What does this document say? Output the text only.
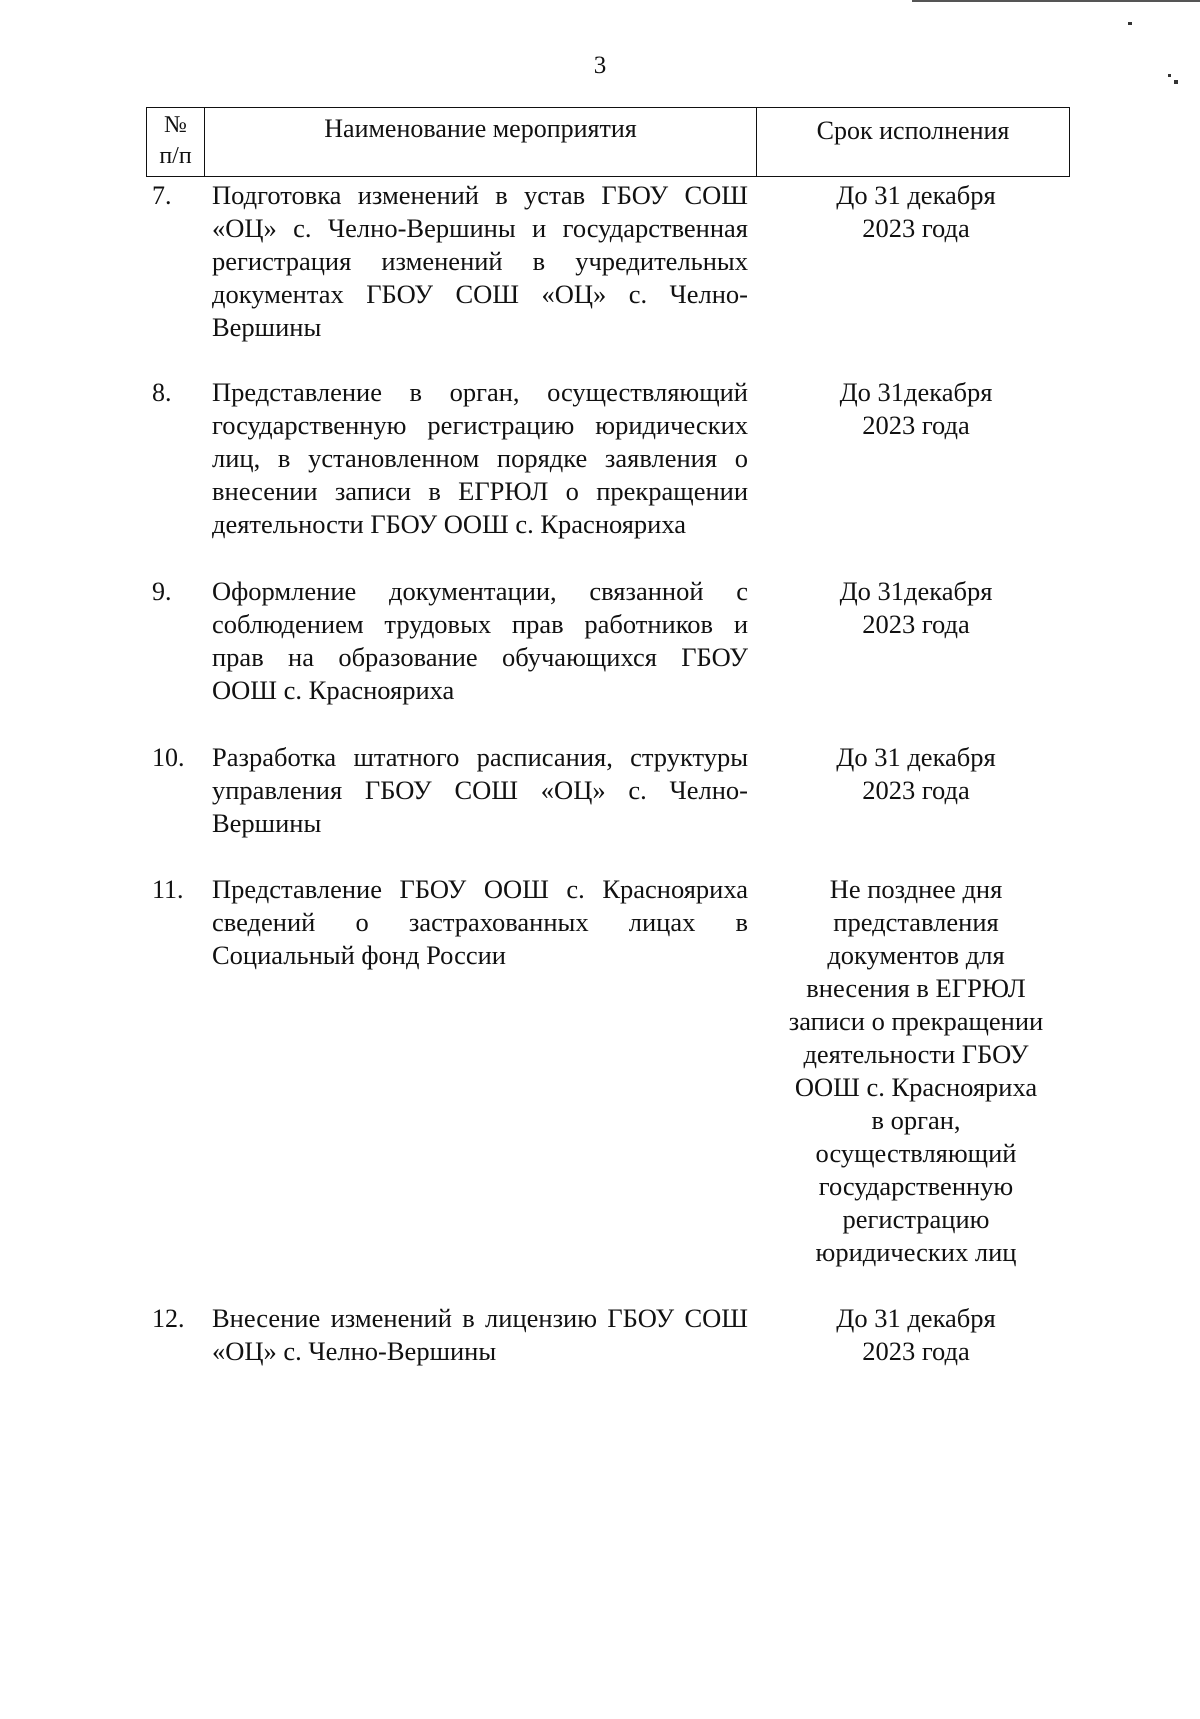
3
№
п/п
Наименование мероприятия	Срок исполнения
7. Подготовка изменений в устав ГБОУ СОШ «ОЦ» с. Челно-Вершины и государственная регистрация изменений в учредительных документах ГБОУ СОШ «ОЦ» с. Челно-Вершины
До 31 декабря 2023 года
8. Представление в орган, осуществляющий государственную регистрацию юридических лиц, в установленном порядке заявления о внесении записи в ЕГРЮЛ о прекращении деятельности ГБОУ ООШ с. Краснояриха
До 31декабря 2023 года
9. Оформление документации, связанной с соблюдением трудовых прав работников и прав на образование обучающихся ГБОУ ООШ с. Краснояриха
До 31декабря 2023 года
10. Разработка штатного расписания, структуры управления ГБОУ СОШ «ОЦ» с. Челно-Вершины
До 31 декабря 2023 года
11. Представление ГБОУ ООШ с. Краснояриха сведений о застрахованных лицах в Социальный фонд России
Не позднее дня представления документов для внесения в ЕГРЮЛ записи о прекращении деятельности ГБОУ ООШ с. Краснояриха в орган, осуществляющий государственную регистрацию юридических лиц
12. Внесение изменений в лицензию ГБОУ СОШ «ОЦ» с. Челно-Вершины
До 31 декабря 2023 года
